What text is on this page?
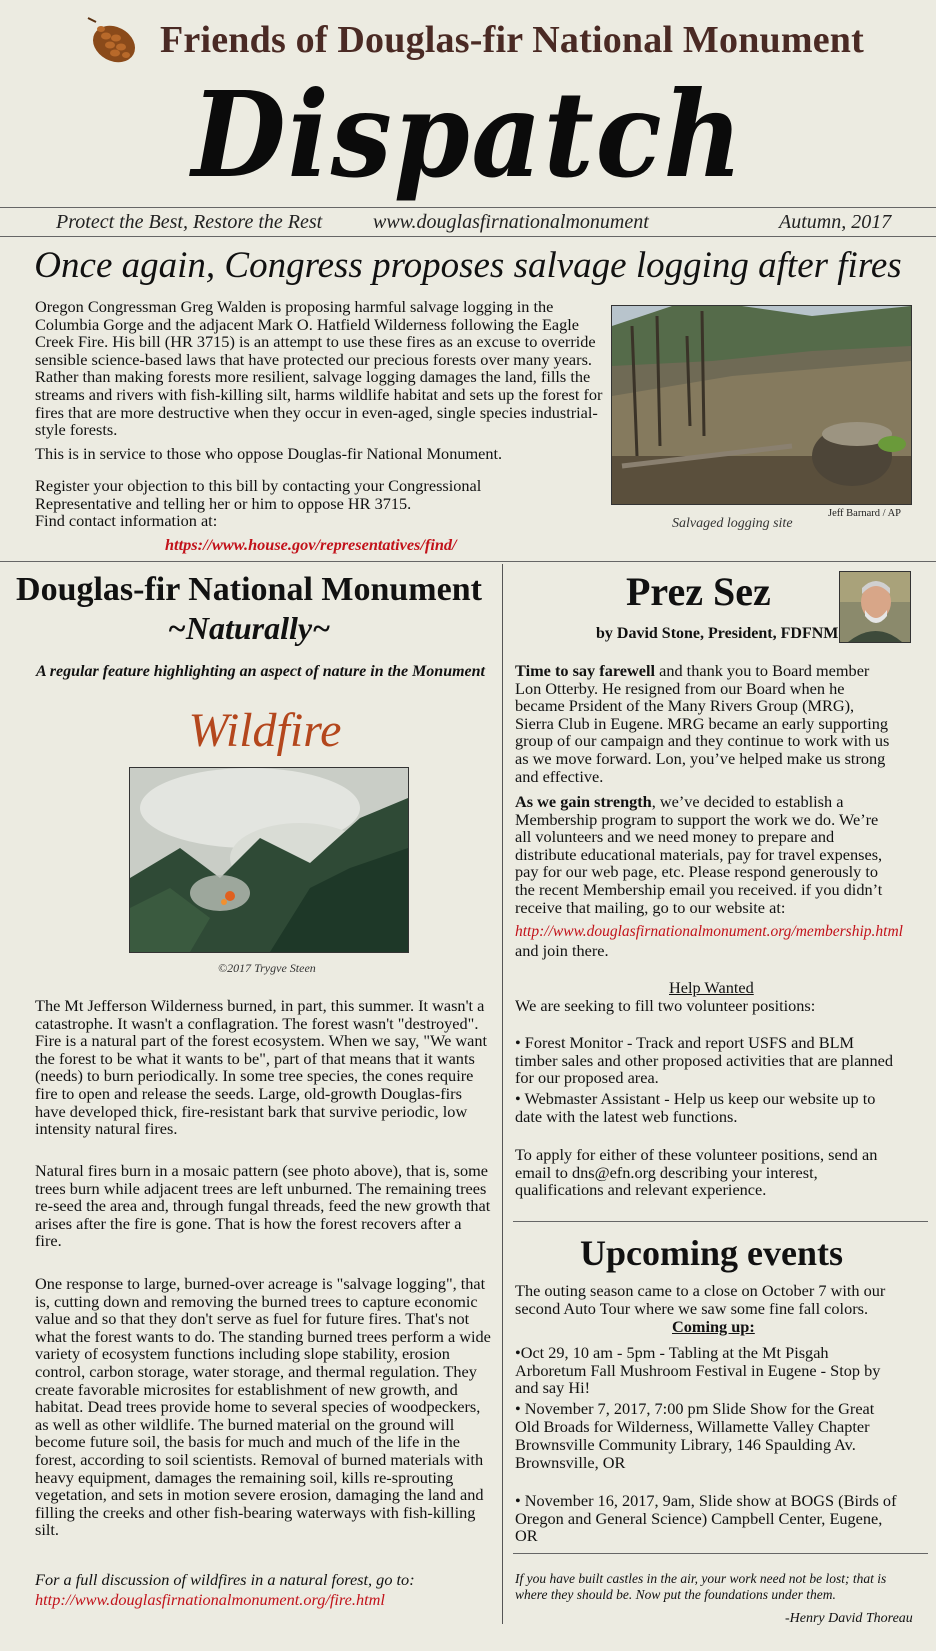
Friends of Douglas-fir National Monument
Dispatch
Protect the Best, Restore the Rest	www.douglasfirnationalmonument	Autumn, 2017
Once again, Congress proposes salvage logging after fires
Oregon Congressman Greg Walden is proposing harmful salvage logging in the Columbia Gorge and the adjacent Mark O. Hatfield Wilderness following the Eagle Creek Fire. His bill (HR 3715) is an attempt to use these fires as an excuse to override sensible science-based laws that have protected our precious forests over many years. Rather than making forests more resilient, salvage logging damages the land, fills the streams and rivers with fish-killing silt, harms wildlife habitat and sets up the forest for fires that are more destructive when they occur in even-aged, single species industrial-style forests.
This is in service to those who oppose Douglas-fir National Monument.
Register your objection to this bill by contacting your Congressional Representative and telling her or him to oppose HR 3715.
Find contact information at:
https://www.house.gov/representatives/find/
Jeff Barnard / AP
Salvaged logging site
Douglas-fir National Monument
~Naturally~
A regular feature highlighting an aspect of nature in the Monument
Wildfire
©2017 Trygve Steen
The Mt Jefferson Wilderness burned, in part, this summer. It wasn't a catastrophe. It wasn't a conflagration. The forest wasn't "destroyed". Fire is a natural part of the forest ecosystem. When we say, "We want the forest to be what it wants to be", part of that means that it wants (needs) to burn periodically. In some tree species, the cones require fire to open and release the seeds. Large, old-growth Douglas-firs have developed thick, fire-resistant bark that survive periodic, low intensity natural fires.
Natural fires burn in a mosaic pattern (see photo above), that is, some trees burn while adjacent trees are left unburned. The remaining trees re-seed the area and, through fungal threads, feed the new growth that arises after the fire is gone. That is how the forest recovers after a fire.
One response to large, burned-over acreage is "salvage logging", that is, cutting down and removing the burned trees to capture economic value and so that they don't serve as fuel for future fires. That's not what the forest wants to do. The standing burned trees perform a wide variety of ecosystem functions including slope stability, erosion control, carbon storage, water storage, and thermal regulation. They create favorable microsites for establishment of new growth, and habitat. Dead trees provide home to several species of woodpeckers, as well as other wildlife. The burned material on the ground will become future soil, the basis for much and much of the life in the forest, according to soil scientists. Removal of burned materials with heavy equipment, damages the remaining soil, kills re-sprouting vegetation, and sets in motion severe erosion, damaging the land and filling the creeks and other fish-bearing waterways with fish-killing silt.
For a full discussion of wildfires in a natural forest, go to:
http://www.douglasfirnationalmonument.org/fire.html
Prez Sez
by David Stone, President, FDFNM
Time to say farewell and thank you to Board member Lon Otterby. He resigned from our Board when he became Prsident of the Many Rivers Group (MRG), Sierra Club in Eugene. MRG became an early supporting group of our campaign and they continue to work with us as we move forward. Lon, you’ve helped make us strong and effective.
As we gain strength, we’ve decided to establish a Membership program to support the work we do. We’re all volunteers and we need money to prepare and distribute educational materials, pay for travel expenses, pay for our web page, etc. Please respond generously to the recent Membership email you received. if you didn’t receive that mailing, go to our website at:
http://www.douglasfirnationalmonument.org/membership.html
and join there.
Help Wanted
We are seeking to fill two volunteer positions:
• Forest Monitor - Track and report USFS and BLM timber sales and other proposed activities that are planned for our proposed area.
• Webmaster Assistant - Help us keep our website up to date with the latest web functions.
To apply for either of these volunteer positions, send an email to dns@efn.org describing your interest, qualifications and relevant experience.
Upcoming events
The outing season came to a close on October 7 with our second Auto Tour where we saw some fine fall colors.
Coming up:
•Oct 29, 10 am - 5pm - Tabling at the Mt Pisgah Arboretum Fall Mushroom Festival in Eugene - Stop by and say Hi!
• November 7, 2017, 7:00 pm Slide Show for the Great Old Broads for Wilderness, Willamette Valley Chapter
Brownsville Community Library, 146 Spaulding Av.
Brownsville, OR
• November 16, 2017, 9am, Slide show at BOGS (Birds of Oregon and General Science) Campbell Center, Eugene, OR
If you have built castles in the air, your work need not be lost; that is where they should be. Now put the foundations under them.
-Henry David Thoreau
